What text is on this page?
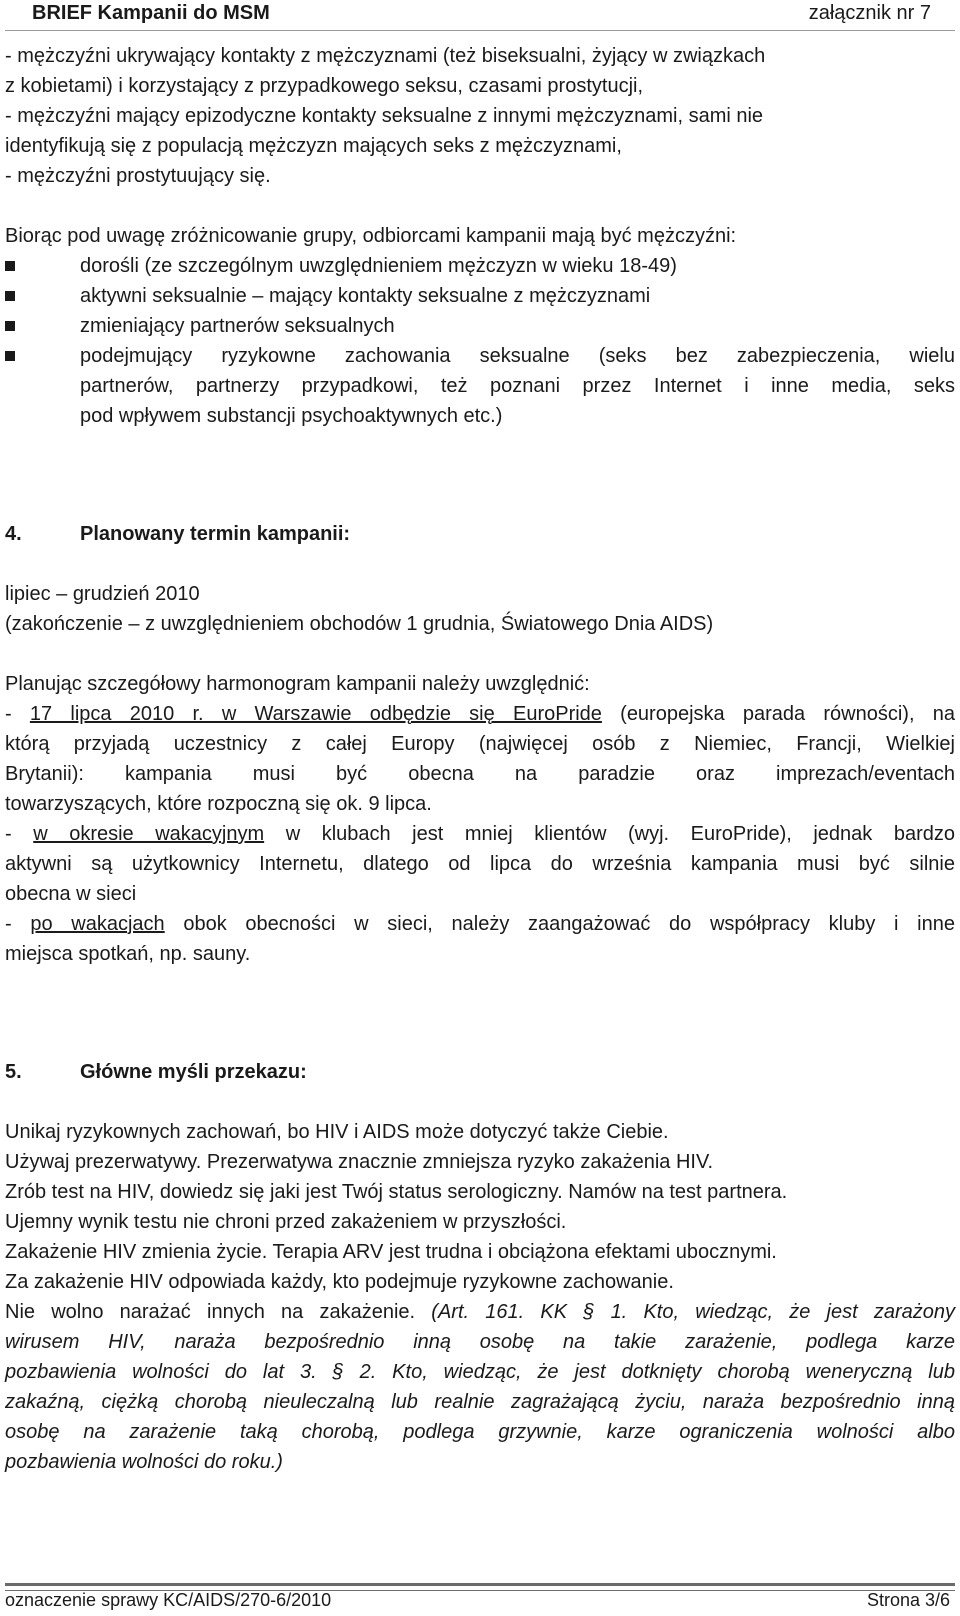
BRIEF Kampanii do MSM	załącznik nr 7
- mężczyźni ukrywający kontakty z mężczyznami (też biseksualni, żyjący w związkach
z kobietami) i korzystający z przypadkowego seksu, czasami prostytucji,
- mężczyźni mający epizodyczne kontakty seksualne z innymi mężczyznami, sami nie
identyfikują się z populacją mężczyzn mających seks z mężczyznami,
- mężczyźni prostytuujący się.
Biorąc pod uwagę zróżnicowanie grupy, odbiorcami kampanii mają być mężczyźni:
dorośli (ze szczególnym uwzględnieniem mężczyzn w wieku 18-49)
aktywni seksualnie – mający kontakty seksualne z mężczyznami
zmieniający partnerów seksualnych
podejmujący ryzykowne zachowania seksualne (seks bez zabezpieczenia, wielu
partnerów, partnerzy przypadkowi, też poznani przez Internet i inne media, seks
pod wpływem substancji psychoaktywnych etc.)
4.	Planowany termin kampanii:
lipiec – grudzień 2010
(zakończenie – z uwzględnieniem obchodów 1 grudnia, Światowego Dnia AIDS)
Planując szczegółowy harmonogram kampanii należy uwzględnić:
- 17 lipca 2010 r. w Warszawie odbędzie się EuroPride (europejska parada równości), na
którą przyjadą uczestnicy z całej Europy (najwięcej osób z Niemiec, Francji, Wielkiej
Brytanii): kampania musi być obecna na paradzie oraz imprezach/eventach
towarzyszących, które rozpoczną się ok. 9 lipca.
- w okresie wakacyjnym w klubach jest mniej klientów (wyj. EuroPride), jednak bardzo
aktywni są użytkownicy Internetu, dlatego od lipca do września kampania musi być silnie
obecna w sieci
- po wakacjach obok obecności w sieci, należy zaangażować do współpracy kluby i inne
miejsca spotkań, np. sauny.
5.	Główne myśli przekazu:
Unikaj ryzykownych zachowań, bo HIV i AIDS może dotyczyć także Ciebie.
Używaj prezerwatywy. Prezerwatywa znacznie zmniejsza ryzyko zakażenia HIV.
Zrób test na HIV, dowiedz się jaki jest Twój status serologiczny. Namów na test partnera.
Ujemny wynik testu nie chroni przed zakażeniem w przyszłości.
Zakażenie HIV zmienia życie. Terapia ARV jest trudna i obciążona efektami ubocznymi.
Za zakażenie HIV odpowiada każdy, kto podejmuje ryzykowne zachowanie.
Nie wolno narażać innych na zakażenie. (Art. 161. KK § 1. Kto, wiedząc, że jest zarażony
wirusem HIV, naraża bezpośrednio inną osobę na takie zarażenie, podlega karze
pozbawienia wolności do lat 3. § 2. Kto, wiedząc, że jest dotknięty chorobą weneryczną lub
zakaźną, ciężką chorobą nieuleczalną lub realnie zagrażającą życiu, naraża bezpośrednio inną
osobę na zarażenie taką chorobą, podlega grzywnie, karze ograniczenia wolności albo
pozbawienia wolności do roku.)
oznaczenie sprawy KC/AIDS/270-6/2010	Strona 3/6
